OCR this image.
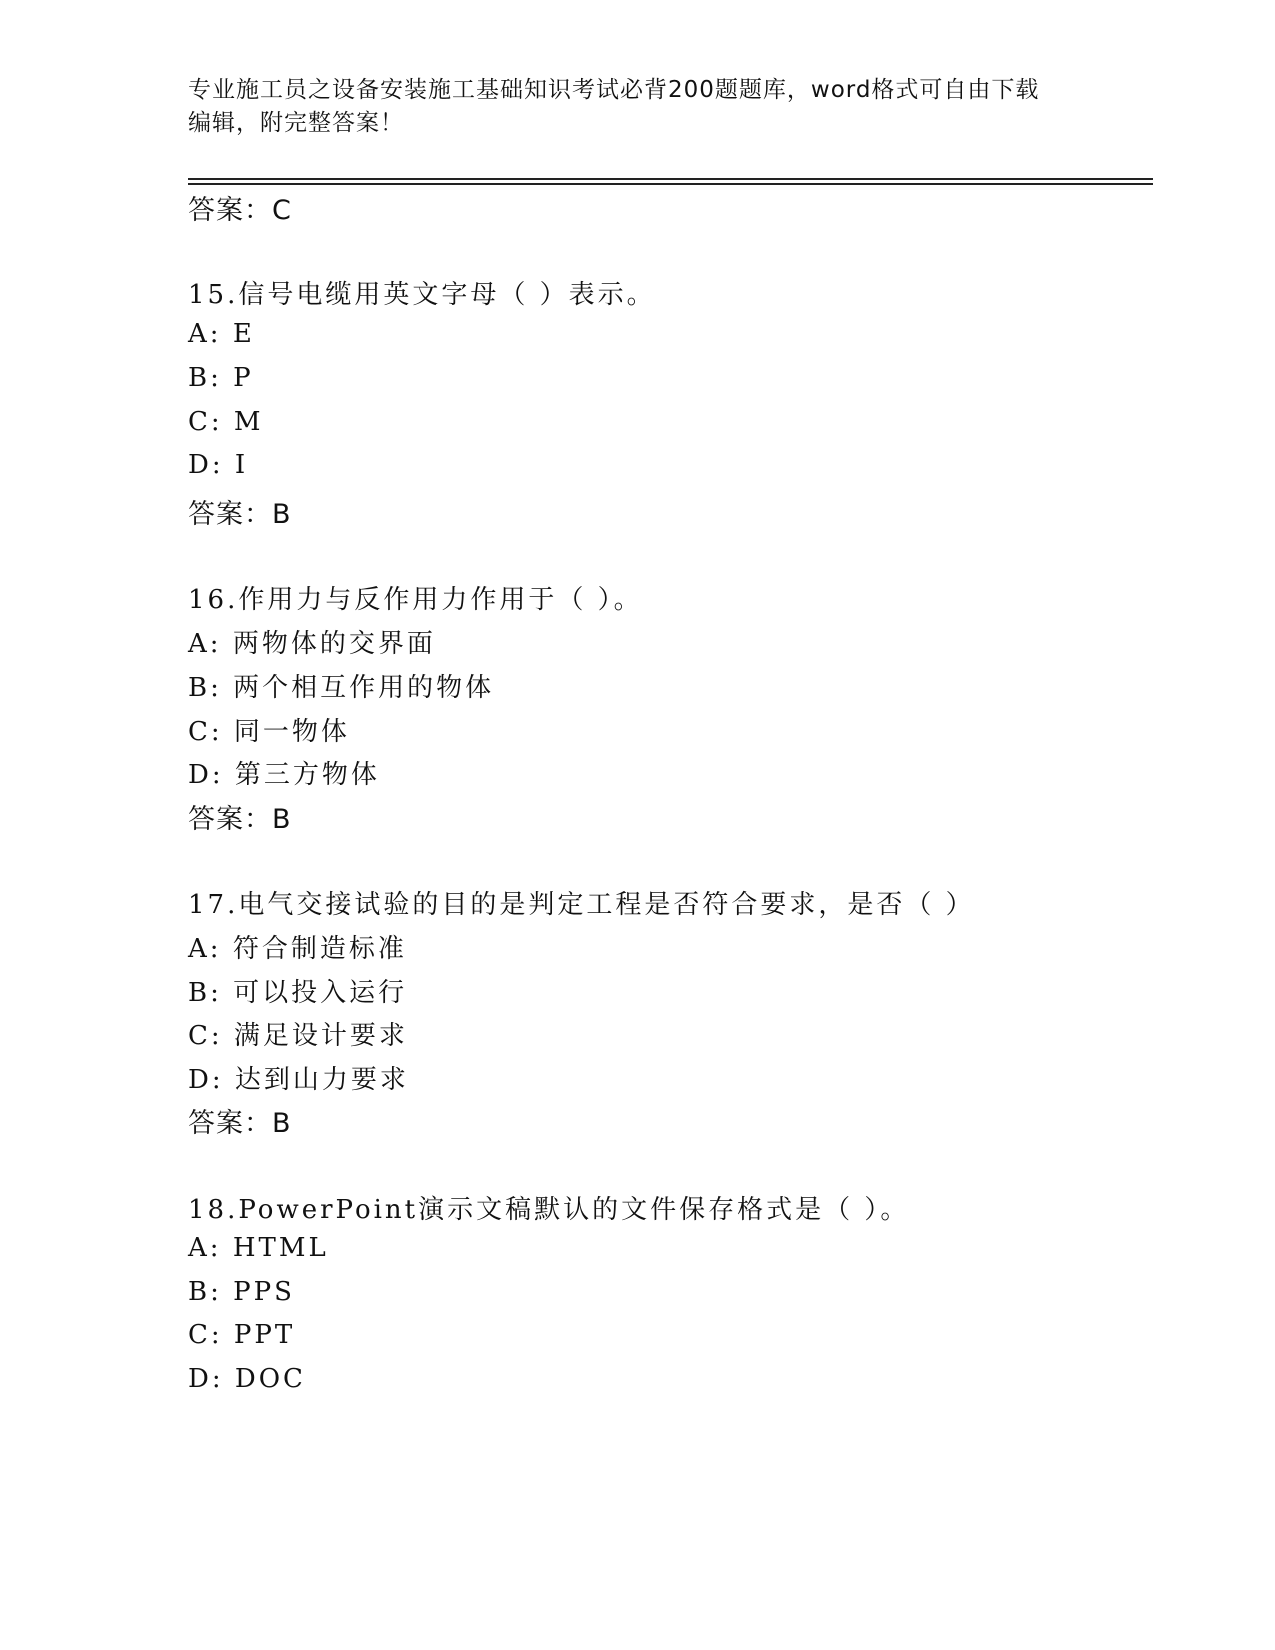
专业施工员之设备安装施工基础知识考试必背200题题库，word格式可自由下载
编辑，附完整答案！
答案：C
15.信号电缆用英文字母（ ）表示。
A: E
B: P
C: M
D: I
答案：B
16.作用力与反作用力作用于（ ）。
A: 两物体的交界面
B: 两个相互作用的物体
C: 同一物体
D: 第三方物体
答案：B
17.电气交接试验的目的是判定工程是否符合要求，是否（ ）
A: 符合制造标准
B: 可以投入运行
C: 满足设计要求
D: 达到山力要求
答案：B
18.PowerPoint演示文稿默认的文件保存格式是（ ）。
A: HTML
B: PPS
C: PPT
D: DOC
